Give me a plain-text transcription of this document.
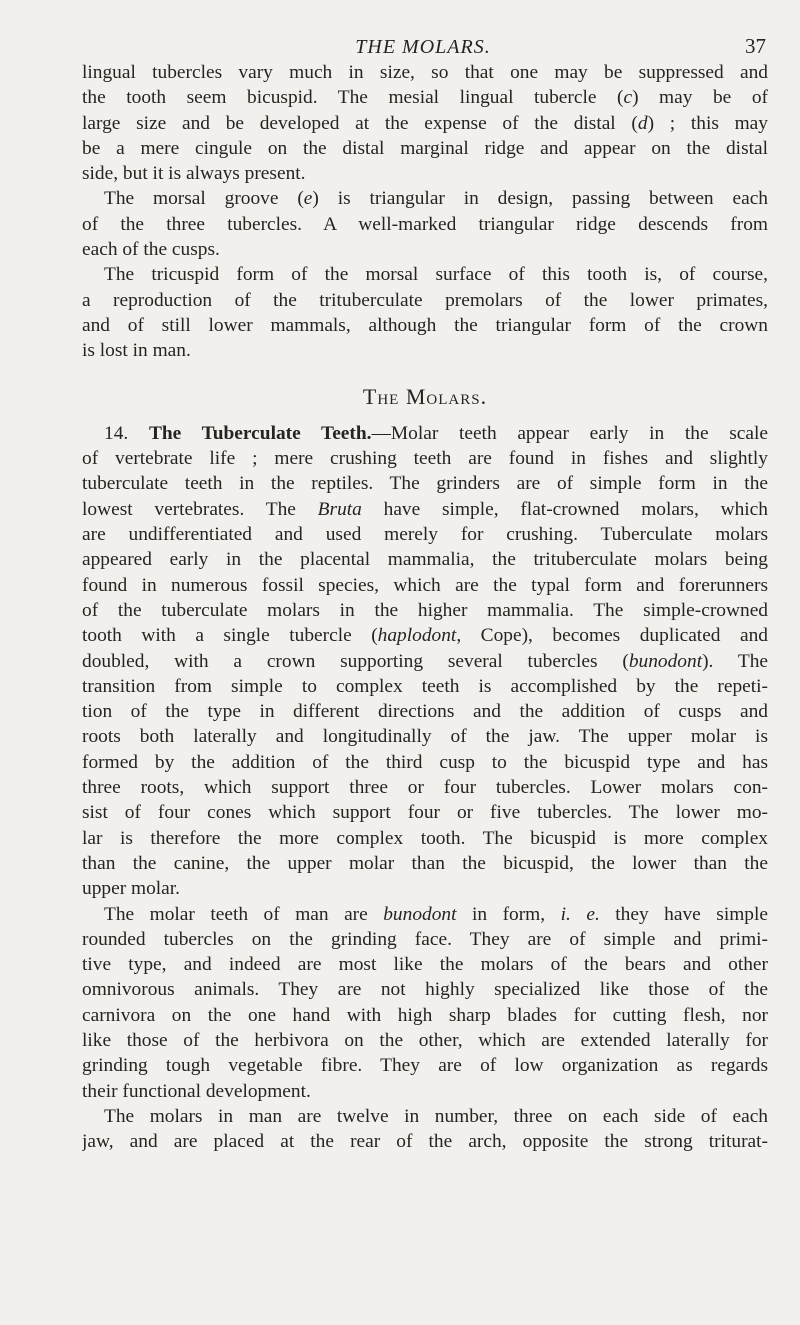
THE MOLARS.	37
lingual tubercles vary much in size, so that one may be suppressed and
the tooth seem bicuspid. The mesial lingual tubercle (c) may be of
large size and be developed at the expense of the distal (d) ; this may
be a mere cingule on the distal marginal ridge and appear on the distal
side, but it is always present.
The morsal groove (e) is triangular in design, passing between each
of the three tubercles. A well-marked triangular ridge descends from
each of the cusps.
The tricuspid form of the morsal surface of this tooth is, of course,
a reproduction of the trituberculate premolars of the lower primates,
and of still lower mammals, although the triangular form of the crown
is lost in man.
The Molars.
14. The Tuberculate Teeth.—Molar teeth appear early in the scale
of vertebrate life ; mere crushing teeth are found in fishes and slightly
tuberculate teeth in the reptiles. The grinders are of simple form in the
lowest vertebrates. The Bruta have simple, flat-crowned molars, which
are undifferentiated and used merely for crushing. Tuberculate molars
appeared early in the placental mammalia, the trituberculate molars being
found in numerous fossil species, which are the typal form and forerunners
of the tuberculate molars in the higher mammalia. The simple-crowned
tooth with a single tubercle (haplodont, Cope), becomes duplicated and
doubled, with a crown supporting several tubercles (bunodont). The
transition from simple to complex teeth is accomplished by the repeti-
tion of the type in different directions and the addition of cusps and
roots both laterally and longitudinally of the jaw. The upper molar is
formed by the addition of the third cusp to the bicuspid type and has
three roots, which support three or four tubercles. Lower molars con-
sist of four cones which support four or five tubercles. The lower mo-
lar is therefore the more complex tooth. The bicuspid is more complex
than the canine, the upper molar than the bicuspid, the lower than the
upper molar.
The molar teeth of man are bunodont in form, i. e. they have simple
rounded tubercles on the grinding face. They are of simple and primi-
tive type, and indeed are most like the molars of the bears and other
omnivorous animals. They are not highly specialized like those of the
carnivora on the one hand with high sharp blades for cutting flesh, nor
like those of the herbivora on the other, which are extended laterally for
grinding tough vegetable fibre. They are of low organization as regards
their functional development.
The molars in man are twelve in number, three on each side of each
jaw, and are placed at the rear of the arch, opposite the strong triturat-
